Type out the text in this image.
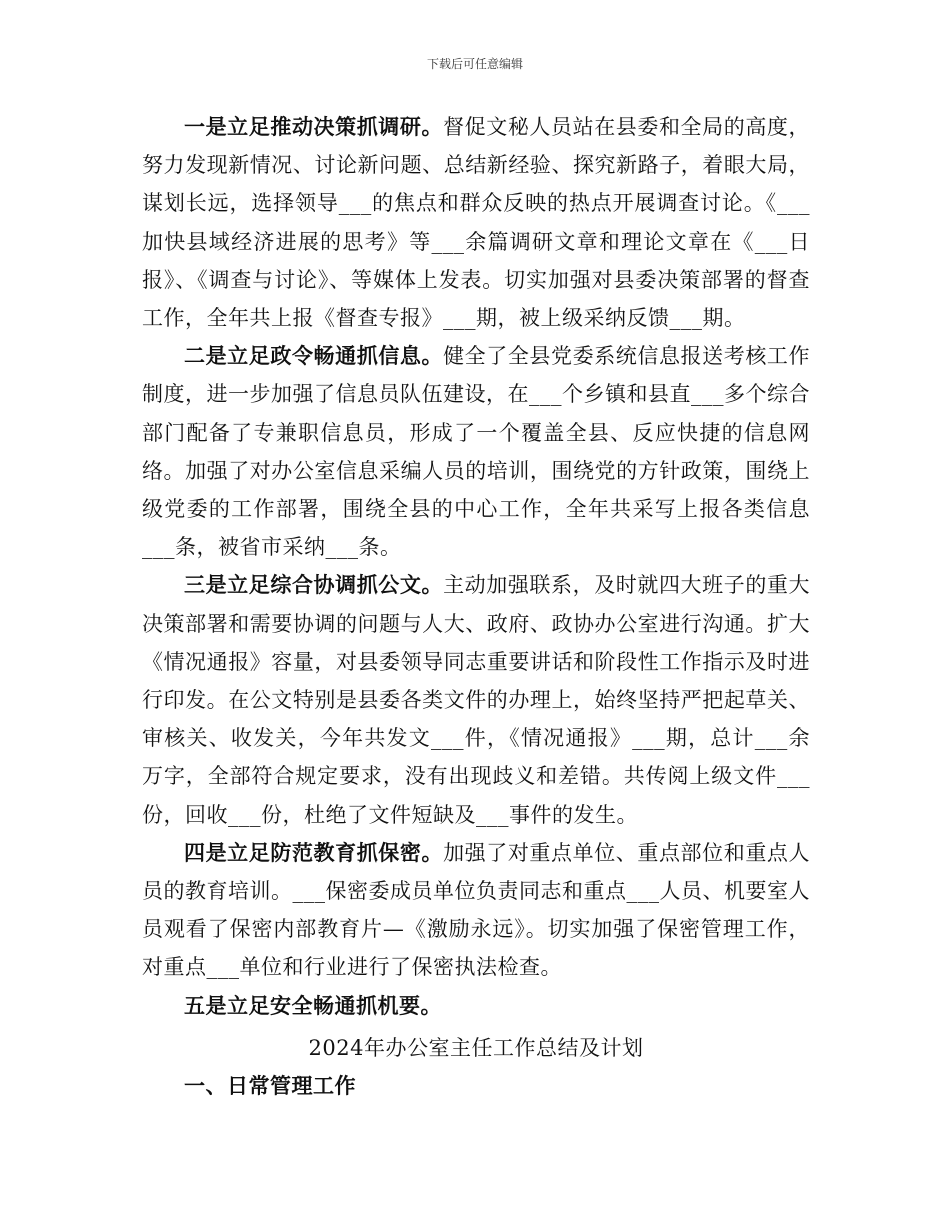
下载后可任意编辑

一是立足推动决策抓调研。督促文秘人员站在县委和全局的高度，努力发现新情况、讨论新问题、总结新经验、探究新路子，着眼大局，谋划长远，选择领导___的焦点和群众反映的热点开展调查讨论。《___加快县域经济进展的思考》等___余篇调研文章和理论文章在《___日报》、《调查与讨论》、等媒体上发表。切实加强对县委决策部署的督查工作，全年共上报《督查专报》___期，被上级采纳反馈___期。

二是立足政令畅通抓信息。健全了全县党委系统信息报送考核工作制度，进一步加强了信息员队伍建设，在___个乡镇和县直___多个综合部门配备了专兼职信息员，形成了一个覆盖全县、反应快捷的信息网络。加强了对办公室信息采编人员的培训，围绕党的方针政策，围绕上级党委的工作部署，围绕全县的中心工作，全年共采写上报各类信息___条，被省市采纳___条。

三是立足综合协调抓公文。主动加强联系，及时就四大班子的重大决策部署和需要协调的问题与人大、政府、政协办公室进行沟通。扩大《情况通报》容量，对县委领导同志重要讲话和阶段性工作指示及时进行印发。在公文特别是县委各类文件的办理上，始终坚持严把起草关、审核关、收发关，今年共发文___件，《情况通报》___期，总计___余万字，全部符合规定要求，没有出现歧义和差错。共传阅上级文件___份，回收___份，杜绝了文件短缺及___事件的发生。

四是立足防范教育抓保密。加强了对重点单位、重点部位和重点人员的教育培训。___保密委成员单位负责同志和重点___人员、机要室人员观看了保密内部教育片—《激励永远》。切实加强了保密管理工作，对重点___单位和行业进行了保密执法检查。

五是立足安全畅通抓机要。

2024年办公室主任工作总结及计划

一、日常管理工作
